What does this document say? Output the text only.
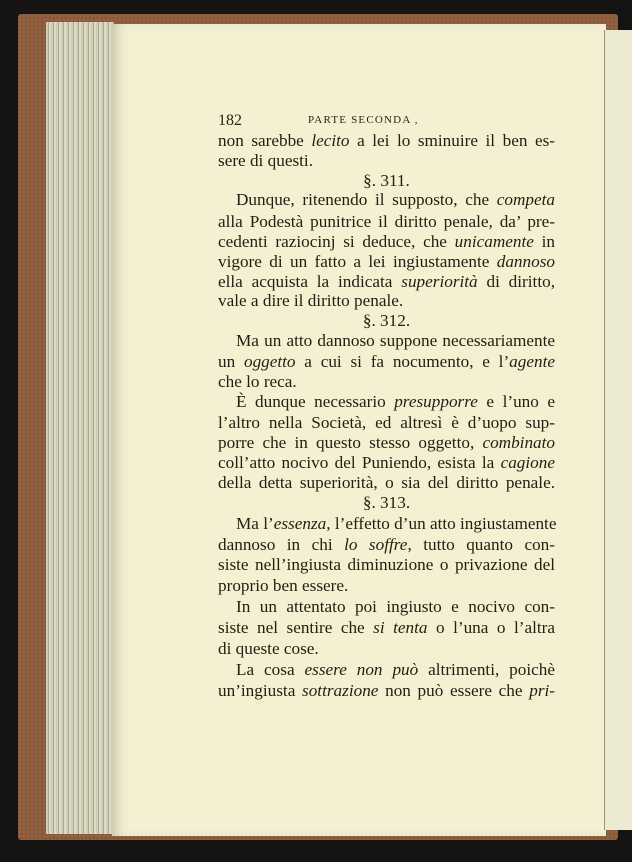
182	PARTE SECONDA ,
non sarebbe lecito a lei lo sminuire il ben es-
sere di questi.
§. 311.
Dunque, ritenendo il supposto, che competa
alla Podestà punitrice il diritto penale, da’ pre-
cedenti raziocinj si deduce, che unicamente in
vigore di un fatto a lei ingiustamente dannoso
ella acquista la indicata superiorità di diritto,
vale a dire il diritto penale.
§. 312.
Ma un atto dannoso suppone necessariamente
un oggetto a cui si fa nocumento, e l’agente
che lo reca.
È dunque necessario presupporre e l’uno e
l’altro nella Società, ed altresì è d’uopo sup-
porre che in questo stesso oggetto, combinato
coll’atto nocivo del Puniendo, esista la cagione
della detta superiorità, o sia del diritto penale.
§. 313.
Ma l’essenza, l’effetto d’un atto ingiustamente
dannoso in chi lo soffre, tutto quanto con-
siste nell’ingiusta diminuzione o privazione del
proprio ben essere.
In un attentato poi ingiusto e nocivo con-
siste nel sentire che si tenta o l’una o l’altra
di queste cose.
La cosa essere non può altrimenti, poichè
un’ingiusta sottrazione non può essere che pri-
